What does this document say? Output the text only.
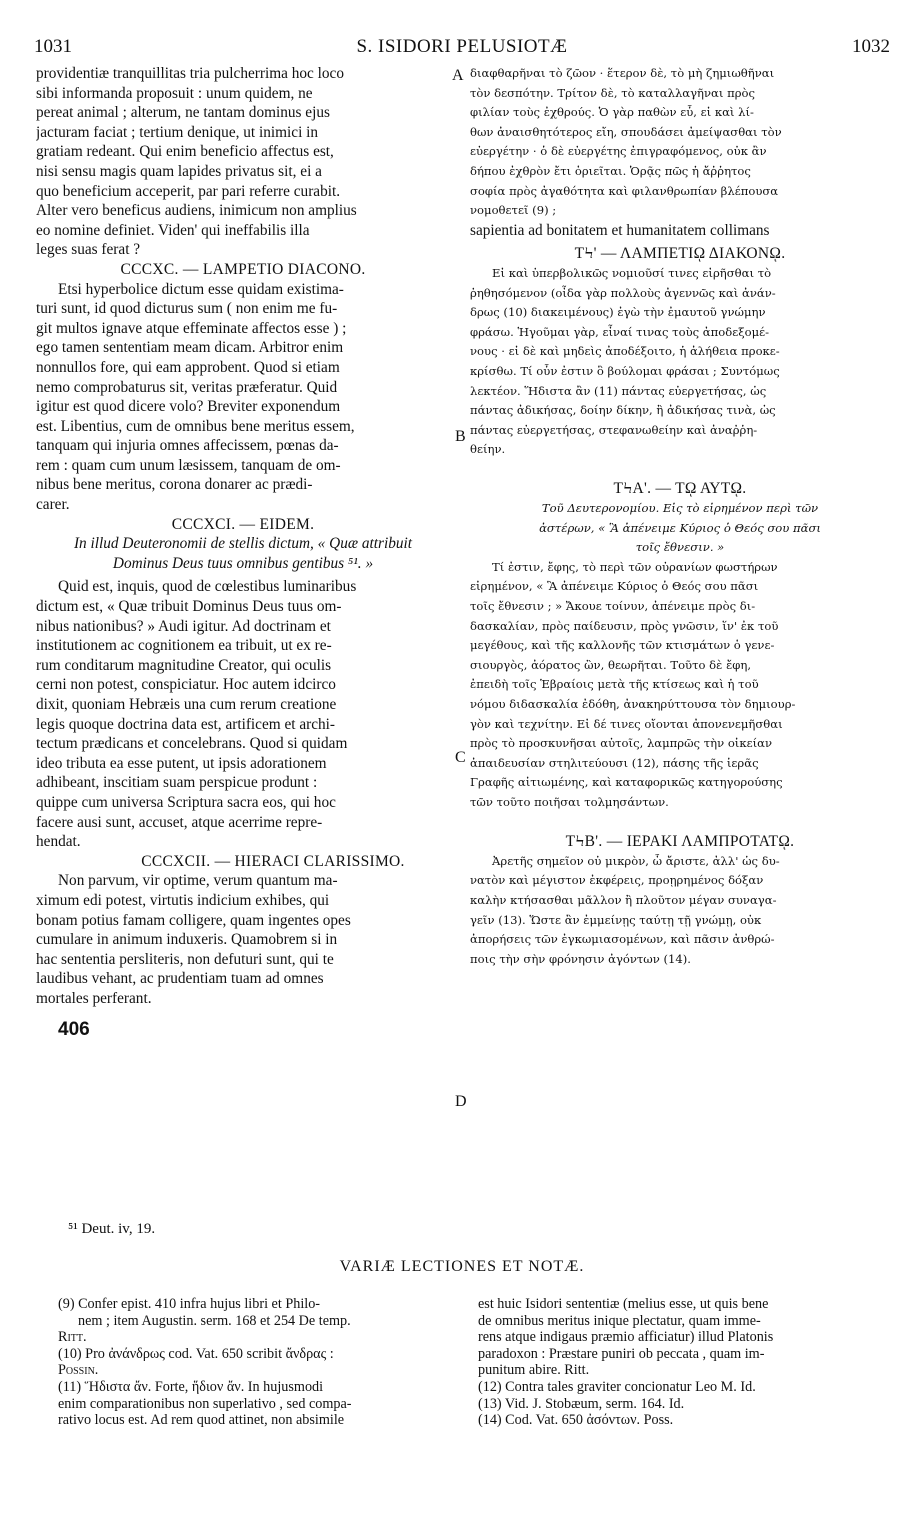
1031	S. ISIDORI PELUSIOTÆ	1032
providentiæ tranquillitas tria pulcherrima hoc loco
sibi informanda proposuit : unum quidem, ne
pereat animal ; alterum, ne tantam dominus ejus
jacturam faciat ; tertium denique, ut inimici in
gratiam redeant. Qui enim beneficio affectus est,
nisi sensu magis quam lapides privatus sit, ei a
quo beneficium acceperit, par pari referre curabit.
Alter vero beneficus audiens, inimicum non amplius
eo nomine definiet. Viden' qui ineffabilis illa
leges suas ferat ?
CCCXC. — LAMPETIO DIACONO.
Etsi hyperbolice dictum esse quidam existima-
turi sunt, id quod dicturus sum ( non enim me fu-
git multos ignave atque effeminate affectos esse ) ;
ego tamen sententiam meam dicam. Arbitror enim
nonnullos fore, qui eam approbent. Quod si etiam
nemo comprobaturus sit, veritas præferatur. Quid
igitur est quod dicere volo? Breviter exponendum
est. Libentius, cum de omnibus bene meritus essem,
tanquam qui injuria omnes affecissem, pœnas da-
rem : quam cum unum læsissem, tanquam de om-
nibus bene meritus, corona donarer ac prædi-
carer.
CCCXCI. — EIDEM.
In illud Deuteronomii de stellis dictum, « Quæ attribuit
Dominus Deus tuus omnibus gentibus ⁵¹. »
Quid est, inquis, quod de cœlestibus luminaribus
dictum est, « Quæ tribuit Dominus Deus tuus om-
nibus nationibus? » Audi igitur. Ad doctrinam et
institutionem ac cognitionem ea tribuit, ut ex re-
rum conditarum magnitudine Creator, qui oculis
cerni non potest, conspiciatur. Hoc autem idcirco
dixit, quoniam Hebræis una cum rerum creatione
legis quoque doctrina data est, artificem et archi-
tectum prædicans et concelebrans. Quod si quidam
ideo tributa ea esse putent, ut ipsis adorationem
adhibeant, inscitiam suam perspicue produnt :
quippe cum universa Scriptura sacra eos, qui hoc
facere ausi sunt, accuset, atque acerrime repre-
hendat.
CCCXCII. — HIERACI CLARISSIMO.
Non parvum, vir optime, verum quantum ma-
ximum edi potest, virtutis indicium exhibes, qui
bonam potius famam colligere, quam ingentes opes
cumulare in animum induxeris. Quamobrem si in
hac sententia persliteris, non defuturi sunt, qui te
laudibus vehant, ac prudentiam tuam ad omnes
mortales perferant.
διαφθαρῆναι τὸ ζῶον · ἕτερον δὲ, τὸ μὴ ζημιωθῆναι
τὸν δεσπότην. Τρίτον δὲ, τὸ καταλλαγῆναι πρὸς
φιλίαν τοὺς ἐχθρούς. Ὁ γὰρ παθὼν εὖ, εἰ καὶ λί-
θων ἀναισθητότερος εἴη, σπουδάσει ἀμείψασθαι τὸν
εὐεργέτην · ὁ δὲ εὐεργέτης ἐπιγραφόμενος, οὐκ ἂν
δήπου ἐχθρὸν ἔτι ὁριεῖται. Ὁρᾷς πῶς ἡ ἄῤῥητος
σοφία πρὸς ἀγαθότητα καὶ φιλανθρωπίαν βλέπουσα
νομοθετεῖ (9) ;
sapientia ad bonitatem et humanitatem collimans
ΤϞ' — ΛΑΜΠΕΤΙῼ ΔΙΑΚΟΝῼ.
Εἰ καὶ ὑπερβολικῶς νομιοῦσί τινες εἰρῆσθαι τὸ
ῥηθησόμενον (οἶδα γὰρ πολλοὺς ἀγεννῶς καὶ ἀνάν-
δρως (10) διακειμένους) ἐγὼ τὴν ἐμαυτοῦ γνώμην
φράσω. Ἡγοῦμαι γὰρ, εἶναί τινας τοὺς ἀποδεξομέ-
νους · εἰ δὲ καὶ μηδεὶς ἀποδέξοιτο, ἡ ἀλήθεια προκε-
κρίσθω. Τί οὖν ἐστιν ὃ βούλομαι φράσαι ; Συντόμως
λεκτέον. Ἥδιστα ἂν (11) πάντας εὐεργετήσας, ὡς
πάντας ἀδικήσας, δοίην δίκην, ἢ ἀδικήσας τινὰ, ὡς
πάντας εὐεργετήσας, στεφανωθείην καὶ ἀναῤῥη-
θείην.
ΤϞΑ'. — Τῼ ΑΥΤῼ.
Τοῦ Δευτερονομίου. Εἰς τὸ εἰρημένον περὶ τῶν
ἀστέρων, « Ἃ ἀπένειμε Κύριος ὁ Θεός σου πᾶσι
τοῖς ἔθνεσιν. »
Τί ἐστιν, ἔφης, τὸ περὶ τῶν οὐρανίων φωστήρων
εἰρημένον, « Ἃ ἀπένειμε Κύριος ὁ Θεός σου πᾶσι
τοῖς ἔθνεσιν ; » Ἄκουε τοίνυν, ἀπένειμε πρὸς δι-
δασκαλίαν, πρὸς παίδευσιν, πρὸς γνῶσιν, ἵν' ἐκ τοῦ
μεγέθους, καὶ τῆς καλλονῆς τῶν κτισμάτων ὁ γενε-
σιουργὸς, ἀόρατος ὢν, θεωρῆται. Τοῦτο δὲ ἔφη,
ἐπειδὴ τοῖς Ἑβραίοις μετὰ τῆς κτίσεως καὶ ἡ τοῦ
νόμου διδασκαλία ἐδόθη, ἀνακηρύττουσα τὸν δημιουρ-
γὸν καὶ τεχνίτην. Εἰ δέ τινες οἴονται ἀπονενεμῆσθαι
πρὸς τὸ προσκυνῆσαι αὐτοῖς, λαμπρῶς τὴν οἰκείαν
ἀπαιδευσίαν στηλιτεύουσι (12), πάσης τῆς ἱερᾶς
Γραφῆς αἰτιωμένης, καὶ καταφορικῶς κατηγορούσης
τῶν τοῦτο ποιῆσαι τολμησάντων.
ΤϞΒ'. — ΙΕΡΑΚΙ ΛΑΜΠΡΟΤΑΤῼ.
Ἀρετῆς σημεῖον οὐ μικρὸν, ὦ ἄριστε, ἀλλ' ὡς δυ-
νατὸν καὶ μέγιστον ἐκφέρεις, προῃρημένος δόξαν
καλὴν κτήσασθαι μᾶλλον ἢ πλοῦτον μέγαν συναγα-
γεῖν (13). Ὥστε ἂν ἐμμείνῃς ταύτῃ τῇ γνώμῃ, οὐκ
ἀπορήσεις τῶν ἐγκωμιασομένων, καὶ πᾶσιν ἀνθρώ-
ποις τὴν σὴν φρόνησιν ἀγόντων (14).
A
B
C
D
406
⁵¹ Deut. iv, 19.
VARIÆ LECTIONES ET NOTÆ.
(9) Confer epist. 410 infra hujus libri et Philo-
nem ; item Augustin. serm. 168 et 254 De temp.
Ritt.
(10) Pro ἀνάνδρως cod. Vat. 650 scribit ἄνδρας :
Possin.
(11) Ἥδιστα ἄν. Forte, ἥδιον ἄν. In hujusmodi
enim comparationibus non superlativo , sed compa-
rativo locus est. Ad rem quod attinet, non absimile
est huic Isidori sententiæ (melius esse, ut quis bene
de omnibus meritus inique plectatur, quam imme-
rens atque indigaus præmio afficiatur) illud Platonis
paradoxon : Præstare puniri ob peccata , quam im-
punitum abire. Ritt.
(12) Contra tales graviter concionatur Leo M. Id.
(13) Vid. J. Stobæum, serm. 164. Id.
(14) Cod. Vat. 650 ἀσόντων. Poss.
